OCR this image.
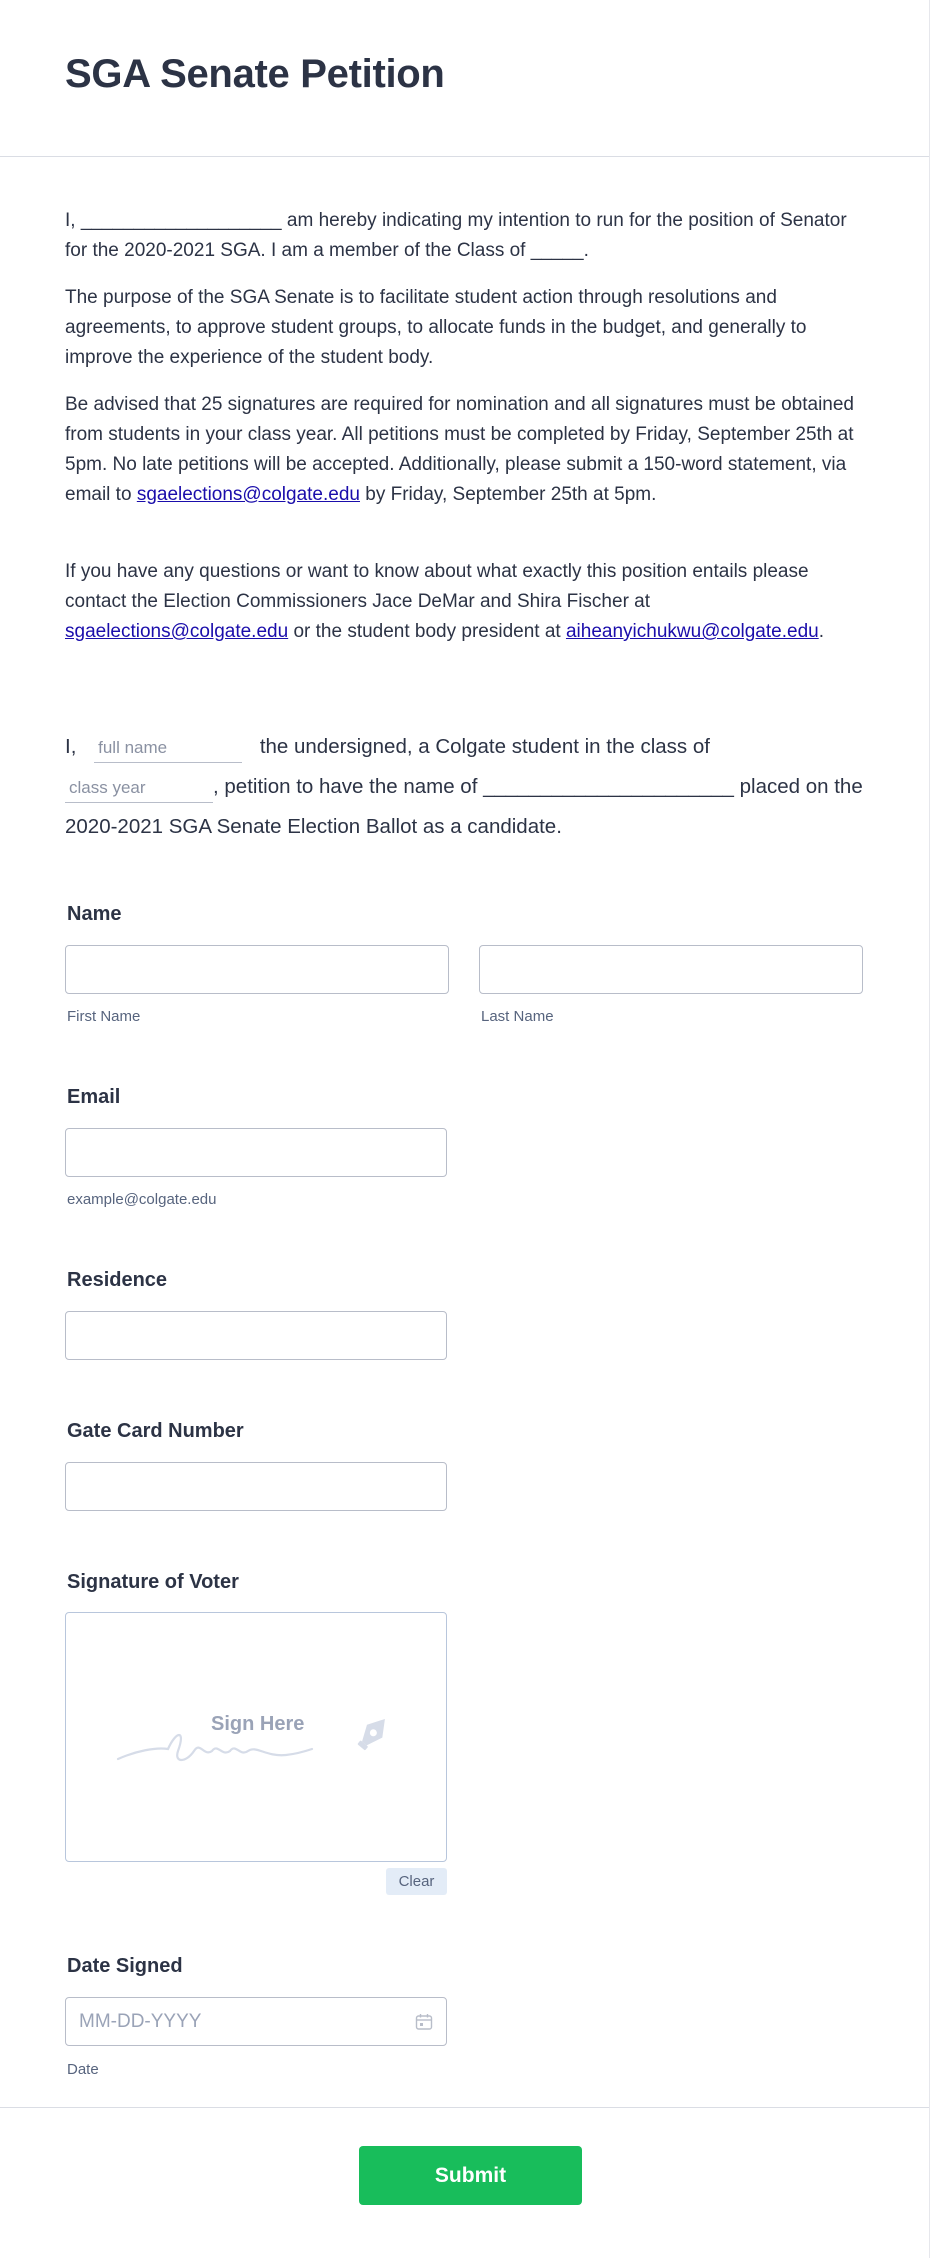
SGA Senate Petition

I, ___________________ am hereby indicating my intention to run for the position of Senator for the 2020-2021 SGA. I am a member of the Class of _____.

The purpose of the SGA Senate is to facilitate student action through resolutions and agreements, to approve student groups, to allocate funds in the budget, and generally to improve the experience of the student body.

Be advised that 25 signatures are required for nomination and all signatures must be obtained from students in your class year. All petitions must be completed by Friday, September 25th at 5pm. No late petitions will be accepted. Additionally, please submit a 150-word statement, via email to sgaelections@colgate.edu by Friday, September 25th at 5pm.

If you have any questions or want to know about what exactly this position entails please contact the Election Commissioners Jace DeMar and Shira Fischer at sgaelections@colgate.edu or the student body president at aiheanyichukwu@colgate.edu.

I, full name	the undersigned, a Colgate student in the class of
class year, petition to have the name of ______________________ placed on the 2020-2021 SGA Senate Election Ballot as a candidate.
Name
First Name	Last Name
Email
example@colgate.edu
Residence
Gate Card Number
Signature of Voter
Sign Here
Clear
Date Signed
MM-DD-YYYY
Date
Submit
